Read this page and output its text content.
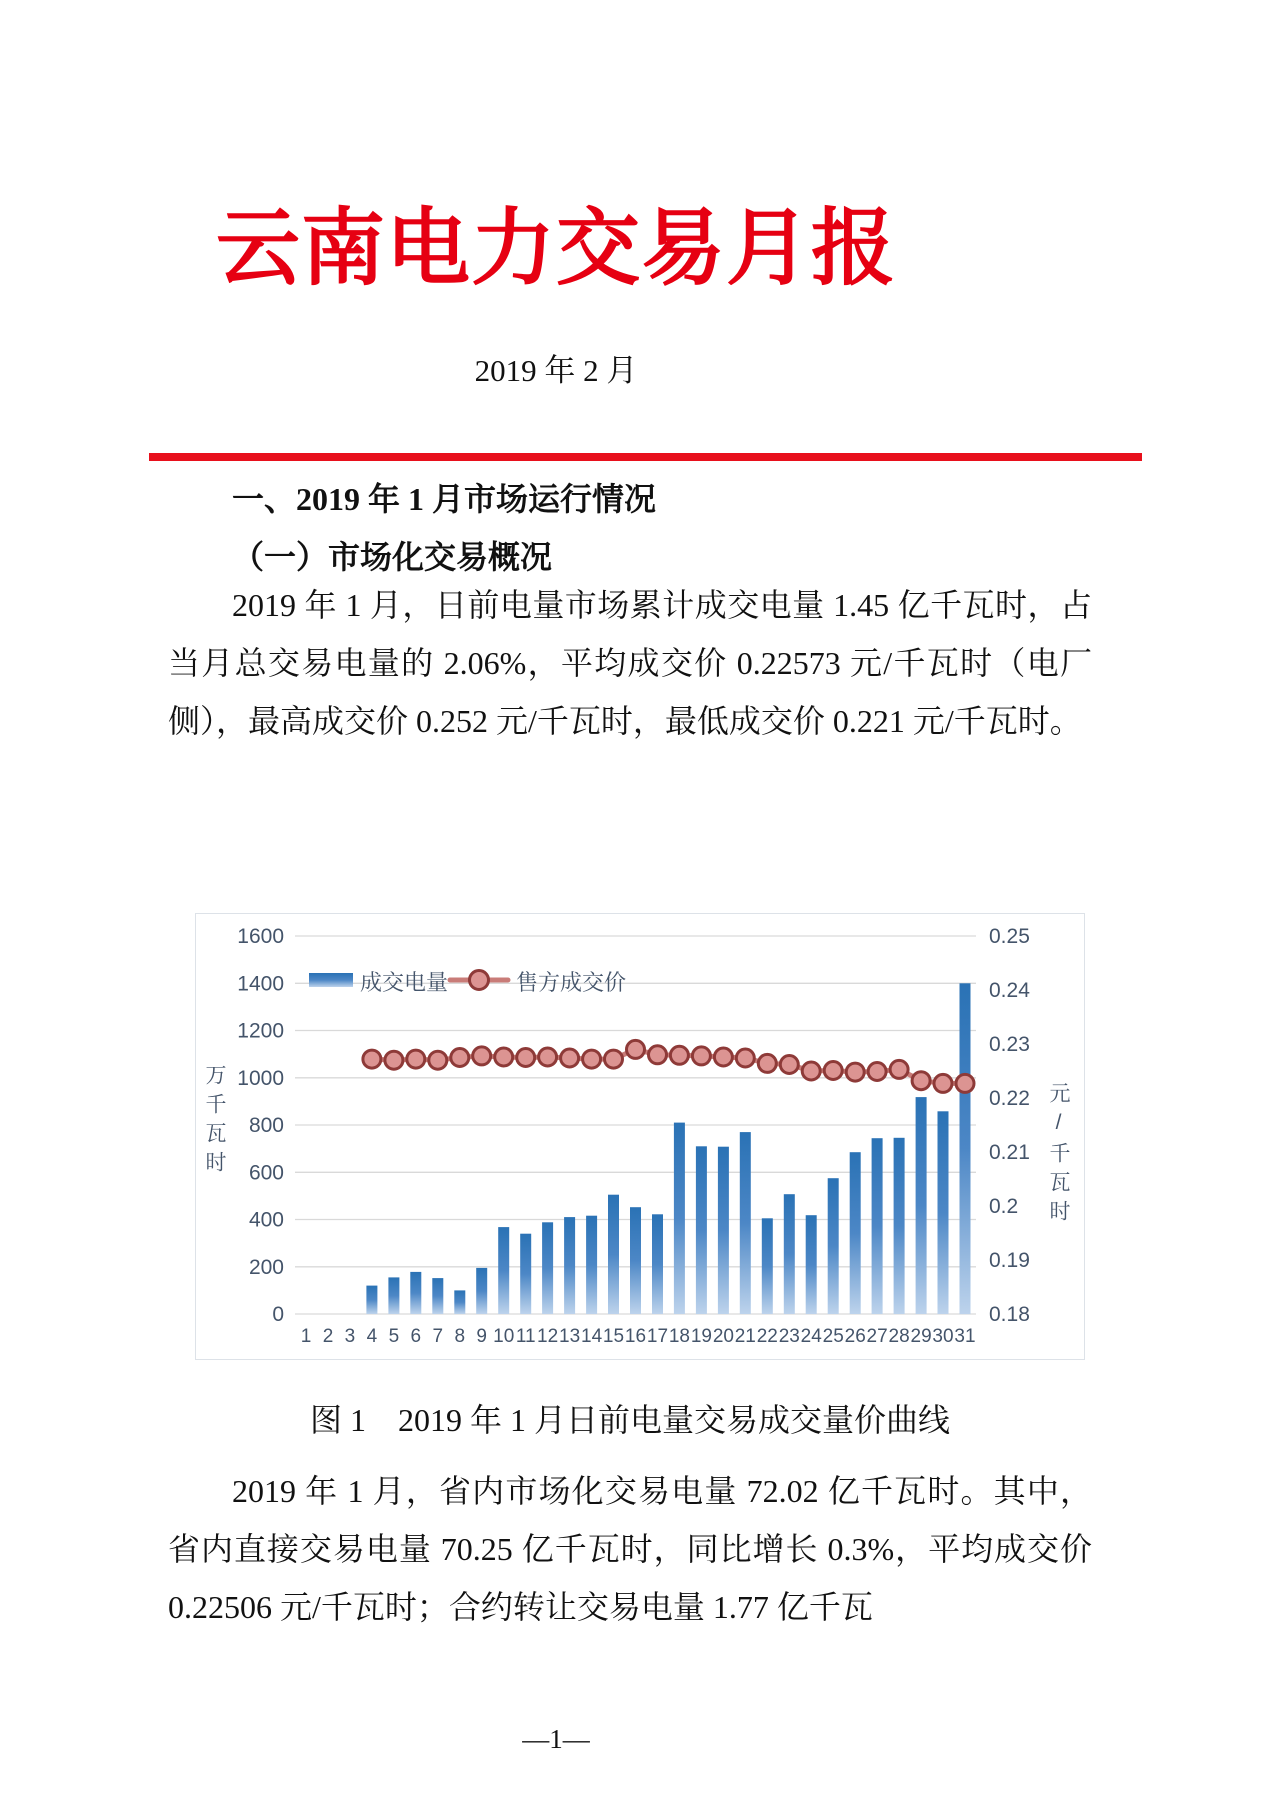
云南电力交易月报
2019 年 2 月
一、2019 年 1 月市场运行情况
（一）市场化交易概况
2019 年 1 月，日前电量市场累计成交电量 1.45 亿千瓦时，占当月总交易电量的 2.06%，平均成交价 0.22573 元/千瓦时（电厂侧），最高成交价 0.252 元/千瓦时，最低成交价 0.221 元/千瓦时。
0
200
400
600
800
1000
1200
1400
1600
0.18
0.19
0.2
0.21
0.22
0.23
0.24
0.25
1 2 3 4 5 6 7 8 9 10 11 12 13 14 15 16 17 18 19 20 21 22 23 24 25 26 27 28 29 30 31
成交电量	售方成交价
万千瓦时	元/千瓦时
图 1　2019 年 1 月日前电量交易成交量价曲线
2019 年 1 月，省内市场化交易电量 72.02 亿千瓦时。其中，省内直接交易电量 70.25 亿千瓦时，同比增长 0.3%，平均成交价 0.22506 元/千瓦时；合约转让交易电量 1.77 亿千瓦
—1—
